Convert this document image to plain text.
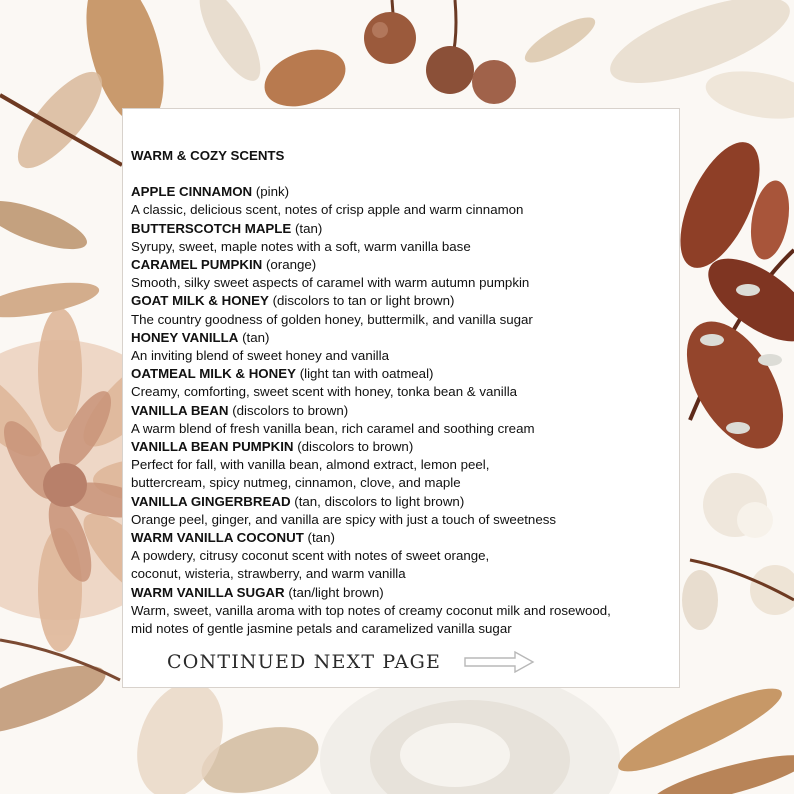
WARM & COZY SCENTS
APPLE CINNAMON (pink)
A classic, delicious scent, notes of crisp apple and warm cinnamon
BUTTERSCOTCH MAPLE (tan)
Syrupy, sweet, maple notes with a soft, warm vanilla base
CARAMEL PUMPKIN (orange)
Smooth, silky sweet aspects of caramel with warm autumn pumpkin
GOAT MILK & HONEY (discolors to tan or light brown)
The country goodness of golden honey, buttermilk, and vanilla sugar
HONEY VANILLA (tan)
An inviting blend of sweet honey and vanilla
OATMEAL MILK & HONEY (light tan with oatmeal)
Creamy, comforting, sweet scent with honey, tonka bean & vanilla
VANILLA BEAN (discolors to brown)
A warm blend of fresh vanilla bean, rich caramel and soothing cream
VANILLA BEAN PUMPKIN (discolors to brown)
Perfect for fall, with vanilla bean, almond extract, lemon peel,
buttercream, spicy nutmeg, cinnamon, clove, and maple
VANILLA GINGERBREAD (tan, discolors to light brown)
Orange peel, ginger, and vanilla are spicy with just a touch of sweetness
WARM VANILLA COCONUT (tan)
A powdery, citrusy coconut scent with notes of sweet orange,
coconut, wisteria, strawberry, and warm vanilla
WARM VANILLA SUGAR (tan/light brown)
Warm, sweet, vanilla aroma with top notes of creamy coconut milk and rosewood,
mid notes of gentle jasmine petals and caramelized vanilla sugar
CONTINUED NEXT PAGE
